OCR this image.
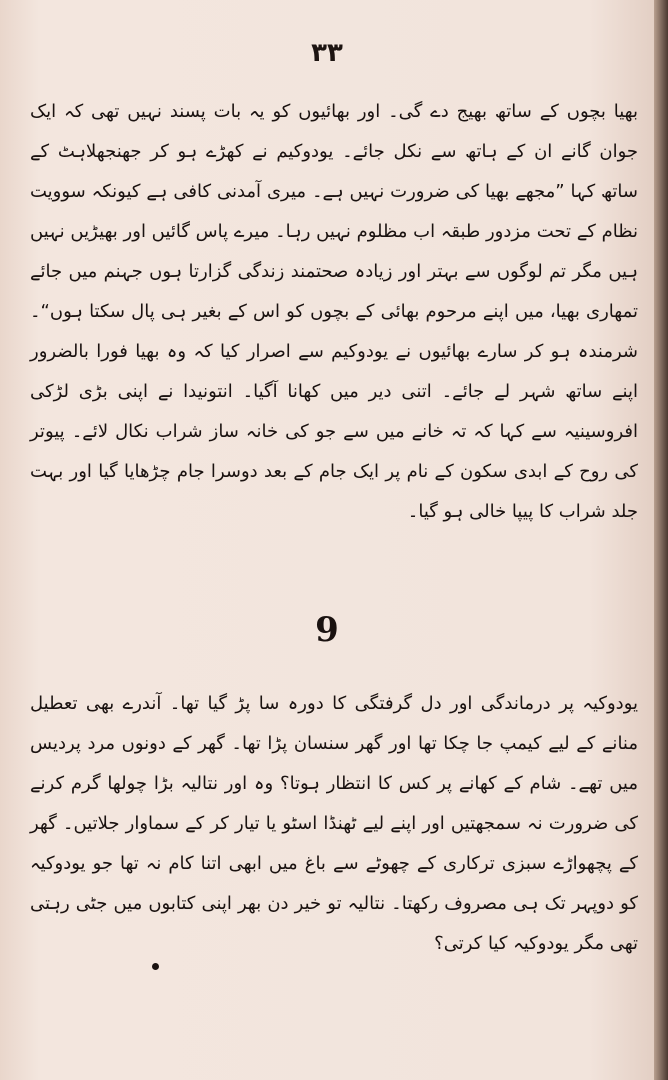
۳۳

بھیا بچوں کے ساتھ بھیج دے گی۔ اور بھائیوں کو یہ بات پسند نہیں تھی کہ ایک جوان گانے ان کے ہاتھ سے نکل جائے۔ یودوکیم نے کھڑے ہو کر جھنجھلاہٹ کے ساتھ کہا ”مجھے بھیا کی ضرورت نہیں ہے۔ میری آمدنی کافی ہے کیونکہ سوویت نظام کے تحت مزدور طبقہ اب مظلوم نہیں رہا۔ میرے پاس گائیں اور بھیڑیں نہیں ہیں مگر تم لوگوں سے بہتر اور زیادہ صحتمند زندگی گزارتا ہوں جہنم میں جائے تمھاری بھیا، میں اپنے مرحوم بھائی کے بچوں کو اس کے بغیر ہی پال سکتا ہوں“۔ شرمندہ ہو کر سارے بھائیوں نے یودوکیم سے اصرار کیا کہ وہ بھیا فورا بالضرور اپنے ساتھ شہر لے جائے۔ اتنی دیر میں کھانا آگیا۔ انتونیدا نے اپنی بڑی لڑکی افروسینیہ سے کہا کہ تہ خانے میں سے جو کی خانہ ساز شراب نکال لائے۔ پیوتر کی روح کے ابدی سکون کے نام پر ایک جام کے بعد دوسرا جام چڑھایا گیا اور بہت جلد شراب کا پیپا خالی ہو گیا۔

9

یودوکیہ پر درماندگی اور دل گرفتگی کا دورہ سا پڑ گیا تھا۔ آندرے بھی تعطیل منانے کے لیے کیمپ جا چکا تھا اور گھر سنسان پڑا تھا۔ گھر کے دونوں مرد پردیس میں تھے۔ شام کے کھانے پر کس کا انتظار ہوتا؟ وہ اور نتالیہ بڑا چولھا گرم کرنے کی ضرورت نہ سمجھتیں اور اپنے لیے ٹھنڈا اسٹو یا تیار کر کے سماوار جلاتیں۔ گھر کے پچھواڑے سبزی ترکاری کے چھوٹے سے باغ میں ابھی اتنا کام نہ تھا جو یودوکیہ کو دوپہر تک ہی مصروف رکھتا۔ نتالیہ تو خیر دن بھر اپنی کتابوں میں جٹی رہتی تھی مگر یودوکیہ کیا کرتی؟
